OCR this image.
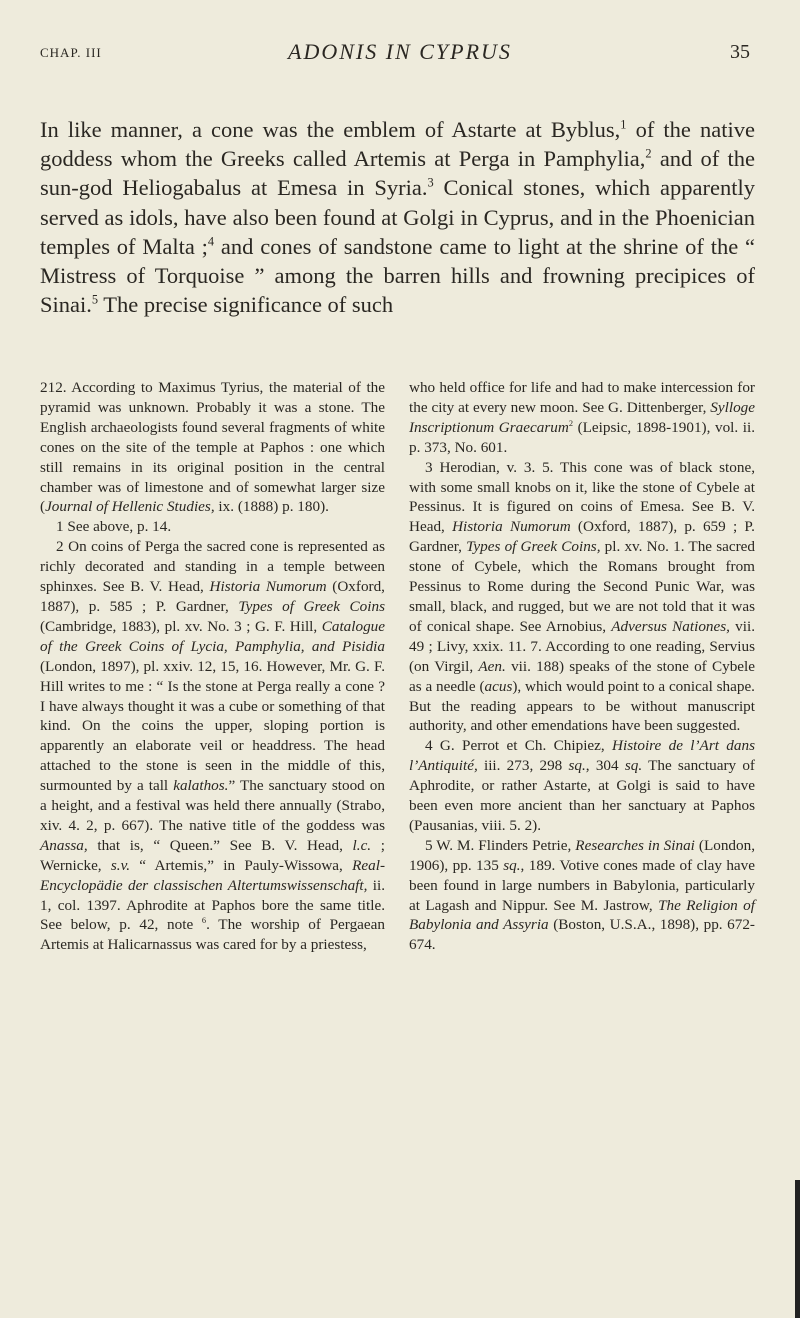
CHAP. III	ADONIS IN CYPRUS	35

In like manner, a cone was the emblem of Astarte at Byblus,$^1$ of the native goddess whom the Greeks called Artemis at Perga in Pamphylia,$^2$ and of the sun-god Heliogabalus at Emesa in Syria.$^3$ Conical stones, which apparently served as idols, have also been found at Golgi in Cyprus, and in the Phoenician temples of Malta ;$^4$ and cones of sandstone came to light at the shrine of the “ Mistress of Torquoise ” among the barren hills and frowning precipices of Sinai.$^5$ The precise significance of such

212. According to Maximus Tyrius, the material of the pyramid was unknown. Probably it was a stone. The English archaeologists found several fragments of white cones on the site of the temple at Paphos : one which still remains in its original position in the central chamber was of limestone and of somewhat larger size (Journal of Hellenic Studies, ix. (1888) p. 180).

1 See above, p. 14.

2 On coins of Perga the sacred cone is represented as richly decorated and standing in a temple between sphinxes. See B. V. Head, Historia Numorum (Oxford, 1887), p. 585 ; P. Gardner, Types of Greek Coins (Cambridge, 1883), pl. xv. No. 3 ; G. F. Hill, Catalogue of the Greek Coins of Lycia, Pamphylia, and Pisidia (London, 1897), pl. xxiv. 12, 15, 16. However, Mr. G. F. Hill writes to me : “ Is the stone at Perga really a cone ? I have always thought it was a cube or something of that kind. On the coins the upper, sloping portion is apparently an elaborate veil or headdress. The head attached to the stone is seen in the middle of this, surmounted by a tall kalathos.” The sanctuary stood on a height, and a festival was held there annually (Strabo, xiv. 4. 2, p. 667). The native title of the goddess was Anassa, that is, “ Queen.” See B. V. Head, l.c. ; Wernicke, s.v. “ Artemis,” in Pauly-Wissowa, Real-Encyclopädie der classischen Altertumswissenschaft, ii. 1, col. 1397. Aphrodite at Paphos bore the same title. See below, p. 42, note $^6$. The worship of Pergaean Artemis at Halicarnassus was cared for by a priestess,

who held office for life and had to make intercession for the city at every new moon. See G. Dittenberger, Sylloge Inscriptionum Graecarum$^2$ (Leipsic, 1898-1901), vol. ii. p. 373, No. 601.

3 Herodian, v. 3. 5. This cone was of black stone, with some small knobs on it, like the stone of Cybele at Pessinus. It is figured on coins of Emesa. See B. V. Head, Historia Numorum (Oxford, 1887), p. 659 ; P. Gardner, Types of Greek Coins, pl. xv. No. 1. The sacred stone of Cybele, which the Romans brought from Pessinus to Rome during the Second Punic War, was small, black, and rugged, but we are not told that it was of conical shape. See Arnobius, Adversus Nationes, vii. 49 ; Livy, xxix. 11. 7. According to one reading, Servius (on Virgil, Aen. vii. 188) speaks of the stone of Cybele as a needle (acus), which would point to a conical shape. But the reading appears to be without manuscript authority, and other emendations have been suggested.

4 G. Perrot et Ch. Chipiez, Histoire de l’Art dans l’Antiquité, iii. 273, 298 sq., 304 sq. The sanctuary of Aphrodite, or rather Astarte, at Golgi is said to have been even more ancient than her sanctuary at Paphos (Pausanias, viii. 5. 2).

5 W. M. Flinders Petrie, Researches in Sinai (London, 1906), pp. 135 sq., 189. Votive cones made of clay have been found in large numbers in Babylonia, particularly at Lagash and Nippur. See M. Jastrow, The Religion of Babylonia and Assyria (Boston, U.S.A., 1898), pp. 672-674.
